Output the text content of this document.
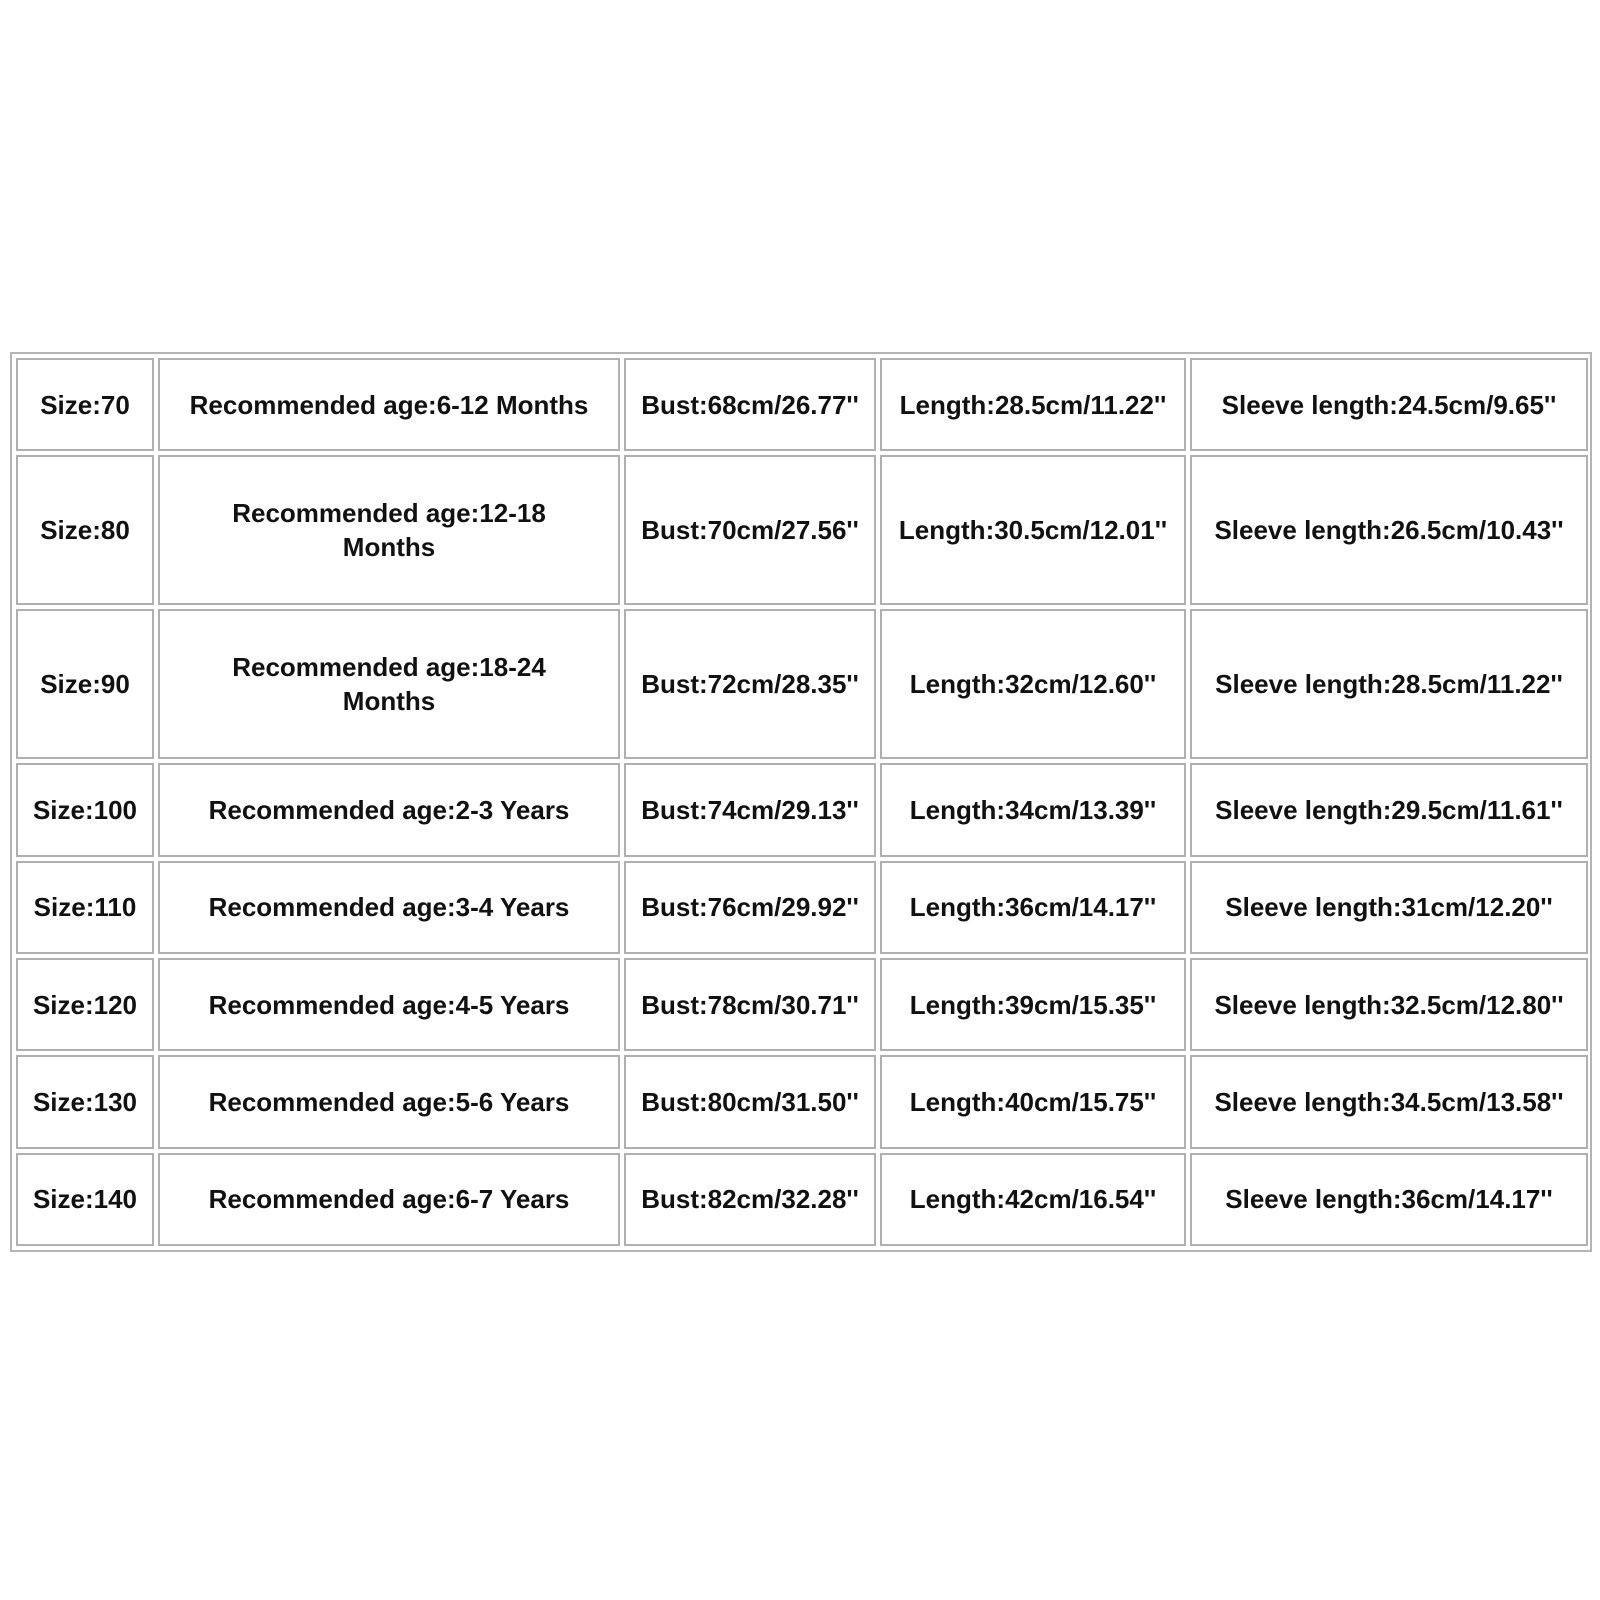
Size:70	Recommended age:6-12 Months	Bust:68cm/26.77''	Length:28.5cm/11.22''	Sleeve length:24.5cm/9.65''
Size:80	Recommended age:12-18 Months	Bust:70cm/27.56''	Length:30.5cm/12.01''	Sleeve length:26.5cm/10.43''
Size:90	Recommended age:18-24 Months	Bust:72cm/28.35''	Length:32cm/12.60''	Sleeve length:28.5cm/11.22''
Size:100	Recommended age:2-3 Years	Bust:74cm/29.13''	Length:34cm/13.39''	Sleeve length:29.5cm/11.61''
Size:110	Recommended age:3-4 Years	Bust:76cm/29.92''	Length:36cm/14.17''	Sleeve length:31cm/12.20''
Size:120	Recommended age:4-5 Years	Bust:78cm/30.71''	Length:39cm/15.35''	Sleeve length:32.5cm/12.80''
Size:130	Recommended age:5-6 Years	Bust:80cm/31.50''	Length:40cm/15.75''	Sleeve length:34.5cm/13.58''
Size:140	Recommended age:6-7 Years	Bust:82cm/32.28''	Length:42cm/16.54''	Sleeve length:36cm/14.17''
